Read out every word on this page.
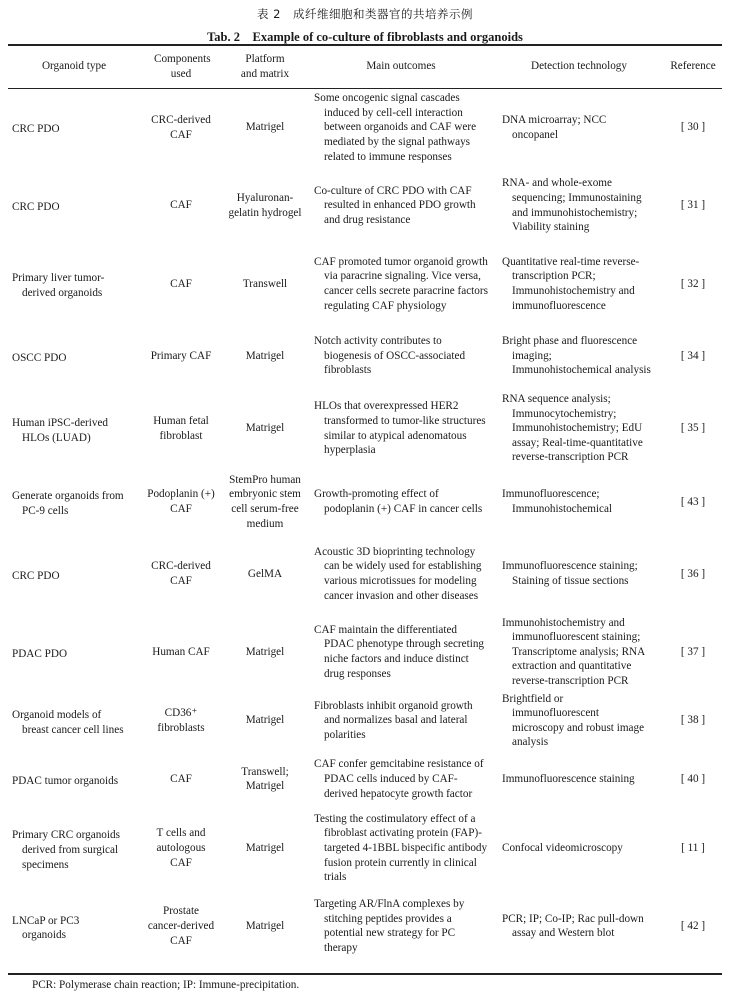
表 2　成纤维细胞和类器官的共培养示例
Tab. 2　Example of co-culture of fibroblasts and organoids
Organoid type	Components used	Platform and matrix	Main outcomes	Detection technology	Reference

CRC PDO	CRC-derived CAF	Matrigel	Some oncogenic signal cascades induced by cell-cell interaction between organoids and CAF were mediated by the signal pathways related to immune responses	DNA microarray; NCC oncopanel	[ 30 ]

CRC PDO	CAF	Hyaluronan-gelatin hydrogel	Co-culture of CRC PDO with CAF resulted in enhanced PDO growth and drug resistance	RNA- and whole-exome sequencing; Immunostaining and immunohistochemistry; Viability staining	[ 31 ]

Primary liver tumor-derived organoids	CAF	Transwell	CAF promoted tumor organoid growth via paracrine signaling. Vice versa, cancer cells secrete paracrine factors regulating CAF physiology	Quantitative real-time reverse-transcription PCR; Immunohistochemistry and immunofluorescence	[ 32 ]

OSCC PDO	Primary CAF	Matrigel	Notch activity contributes to biogenesis of OSCC-associated fibroblasts	Bright phase and fluorescence imaging; Immunohistochemical analysis	[ 34 ]

Human iPSC-derived HLOs (LUAD)	Human fetal fibroblast	Matrigel	HLOs that overexpressed HER2 transformed to tumor-like structures similar to atypical adenomatous hyperplasia	RNA sequence analysis; Immunocytochemistry; Immunohistochemistry; EdU assay; Real-time-quantitative reverse-transcription PCR	[ 35 ]

Generate organoids from PC-9 cells	Podoplanin (+) CAF	StemPro human embryonic stem cell serum-free medium	Growth-promoting effect of podoplanin (+) CAF in cancer cells	Immunofluorescence; Immunohistochemical	[ 43 ]

CRC PDO	CRC-derived CAF	GelMA	Acoustic 3D bioprinting technology can be widely used for establishing various microtissues for modeling cancer invasion and other diseases	Immunofluorescence staining; Staining of tissue sections	[ 36 ]

PDAC PDO	Human CAF	Matrigel	CAF maintain the differentiated PDAC phenotype through secreting niche factors and induce distinct drug responses	Immunohistochemistry and immunofluorescent staining; Transcriptome analysis; RNA extraction and quantitative reverse-transcription PCR	[ 37 ]

Organoid models of breast cancer cell lines	CD36⁺ fibroblasts	Matrigel	Fibroblasts inhibit organoid growth and normalizes basal and lateral polarities	Brightfield or immunofluorescent microscopy and robust image analysis	[ 38 ]

PDAC tumor organoids	CAF	Transwell; Matrigel	CAF confer gemcitabine resistance of PDAC cells induced by CAF-derived hepatocyte growth factor	Immunofluorescence staining	[ 40 ]

Primary CRC organoids derived from surgical specimens	T cells and autologous CAF	Matrigel	Testing the costimulatory effect of a fibroblast activating protein (FAP)-targeted 4-1BBL bispecific antibody fusion protein currently in clinical trials	Confocal videomicroscopy	[ 11 ]

LNCaP or PC3 organoids	Prostate cancer-derived CAF	Matrigel	Targeting AR/FlnA complexes by stitching peptides provides a potential new strategy for PC therapy	PCR; IP; Co-IP; Rac pull-down assay and Western blot	[ 42 ]
PCR: Polymerase chain reaction; IP: Immune-precipitation.
